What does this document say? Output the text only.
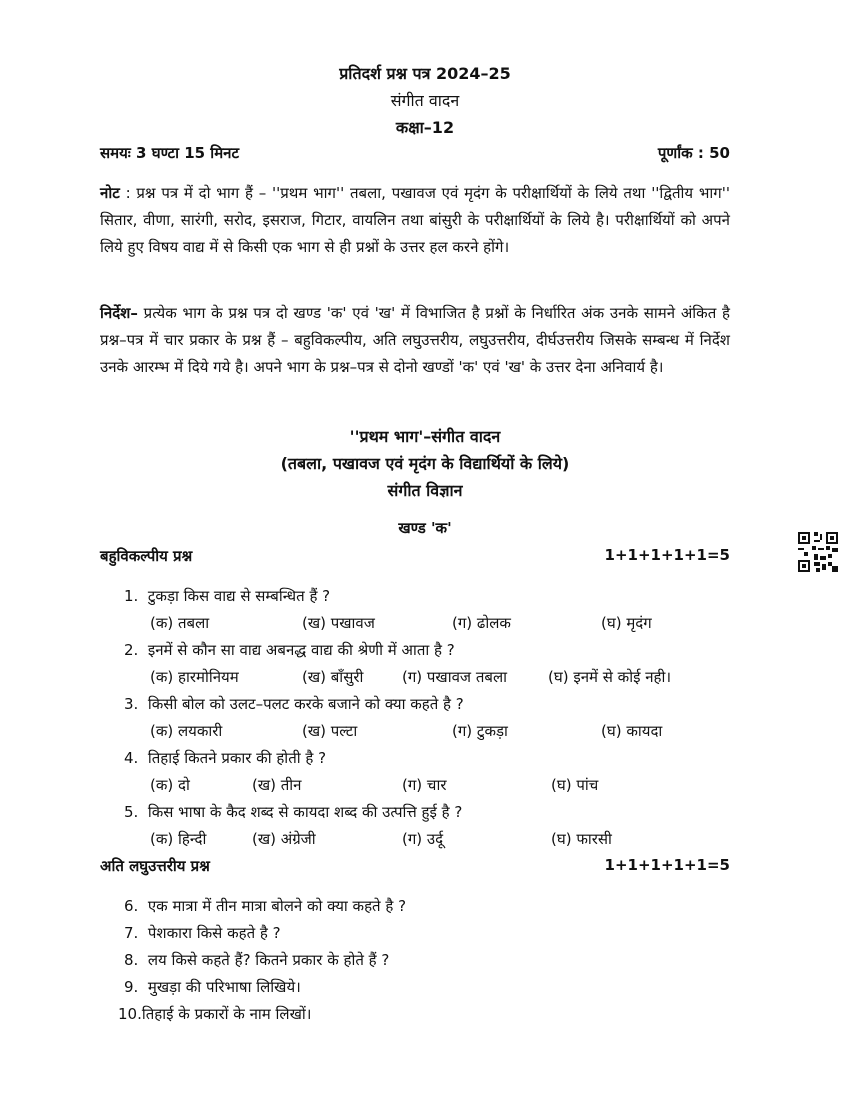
प्रतिदर्श प्रश्न पत्र 2024–25
संगीत वादन
कक्षा–12
समयः 3 घण्टा 15 मिनट	पूर्णांक : 50
नोट : प्रश्न पत्र में दो भाग हैं – ''प्रथम भाग'' तबला, पखावज एवं मृदंग के परीक्षार्थियों के लिये तथा ''द्वितीय भाग'' सितार, वीणा, सारंगी, सरोद, इसराज, गिटार, वायलिन तथा बांसुरी के परीक्षार्थियों के लिये है। परीक्षार्थियों को अपने लिये हुए विषय वाद्य में से किसी एक भाग से ही प्रश्नों के उत्तर हल करने होंगे।
निर्देश– प्रत्येक भाग के प्रश्न पत्र दो खण्ड 'क' एवं 'ख' में विभाजित है प्रश्नों के निर्धारित अंक उनके सामने अंकित है प्रश्न–पत्र में चार प्रकार के प्रश्न हैं – बहुविकल्पीय, अति लघुउत्तरीय, लघुउत्तरीय, दीर्घउत्तरीय जिसके सम्बन्ध में निर्देश उनके आरम्भ में दिये गये है। अपने भाग के प्रश्न–पत्र से दोनो खण्डों 'क' एवं 'ख' के उत्तर देना अनिवार्य है।
''प्रथम भाग'–संगीत वादन
(तबला, पखावज एवं मृदंग के विद्यार्थियों के लिये)
संगीत विज्ञान
खण्ड 'क'
बहुविकल्पीय प्रश्न	1+1+1+1+1=5
1. टुकड़ा किस वाद्य से सम्बन्धित हैं ?
(क) तबला	(ख) पखावज	(ग) ढोलक	(घ) मृदंग
2. इनमें से कौन सा वाद्य अबनद्ध वाद्य की श्रेणी में आता है ?
(क) हारमोनियम	(ख) बाँसुरी	(ग) पखावज तबला	(घ) इनमें से कोई नही।
3. किसी बोल को उलट–पलट करके बजाने को क्या कहते है ?
(क) लयकारी	(ख) पल्टा	(ग) टुकड़ा	(घ) कायदा
4. तिहाई कितने प्रकार की होती है ?
(क) दो	(ख) तीन	(ग) चार	(घ) पांच
5. किस भाषा के कैद शब्द से कायदा शब्द की उत्पत्ति हुई है ?
(क) हिन्दी	(ख) अंग्रेजी	(ग) उर्दू	(घ) फारसी
अति लघुउत्तरीय प्रश्न	1+1+1+1+1=5
6. एक मात्रा में तीन मात्रा बोलने को क्या कहते है ?
7. पेशकारा किसे कहते है ?
8. लय किसे कहते हैं? कितने प्रकार के होते हैं ?
9. मुखड़ा की परिभाषा लिखिये।
10.तिहाई के प्रकारों के नाम लिखों।
